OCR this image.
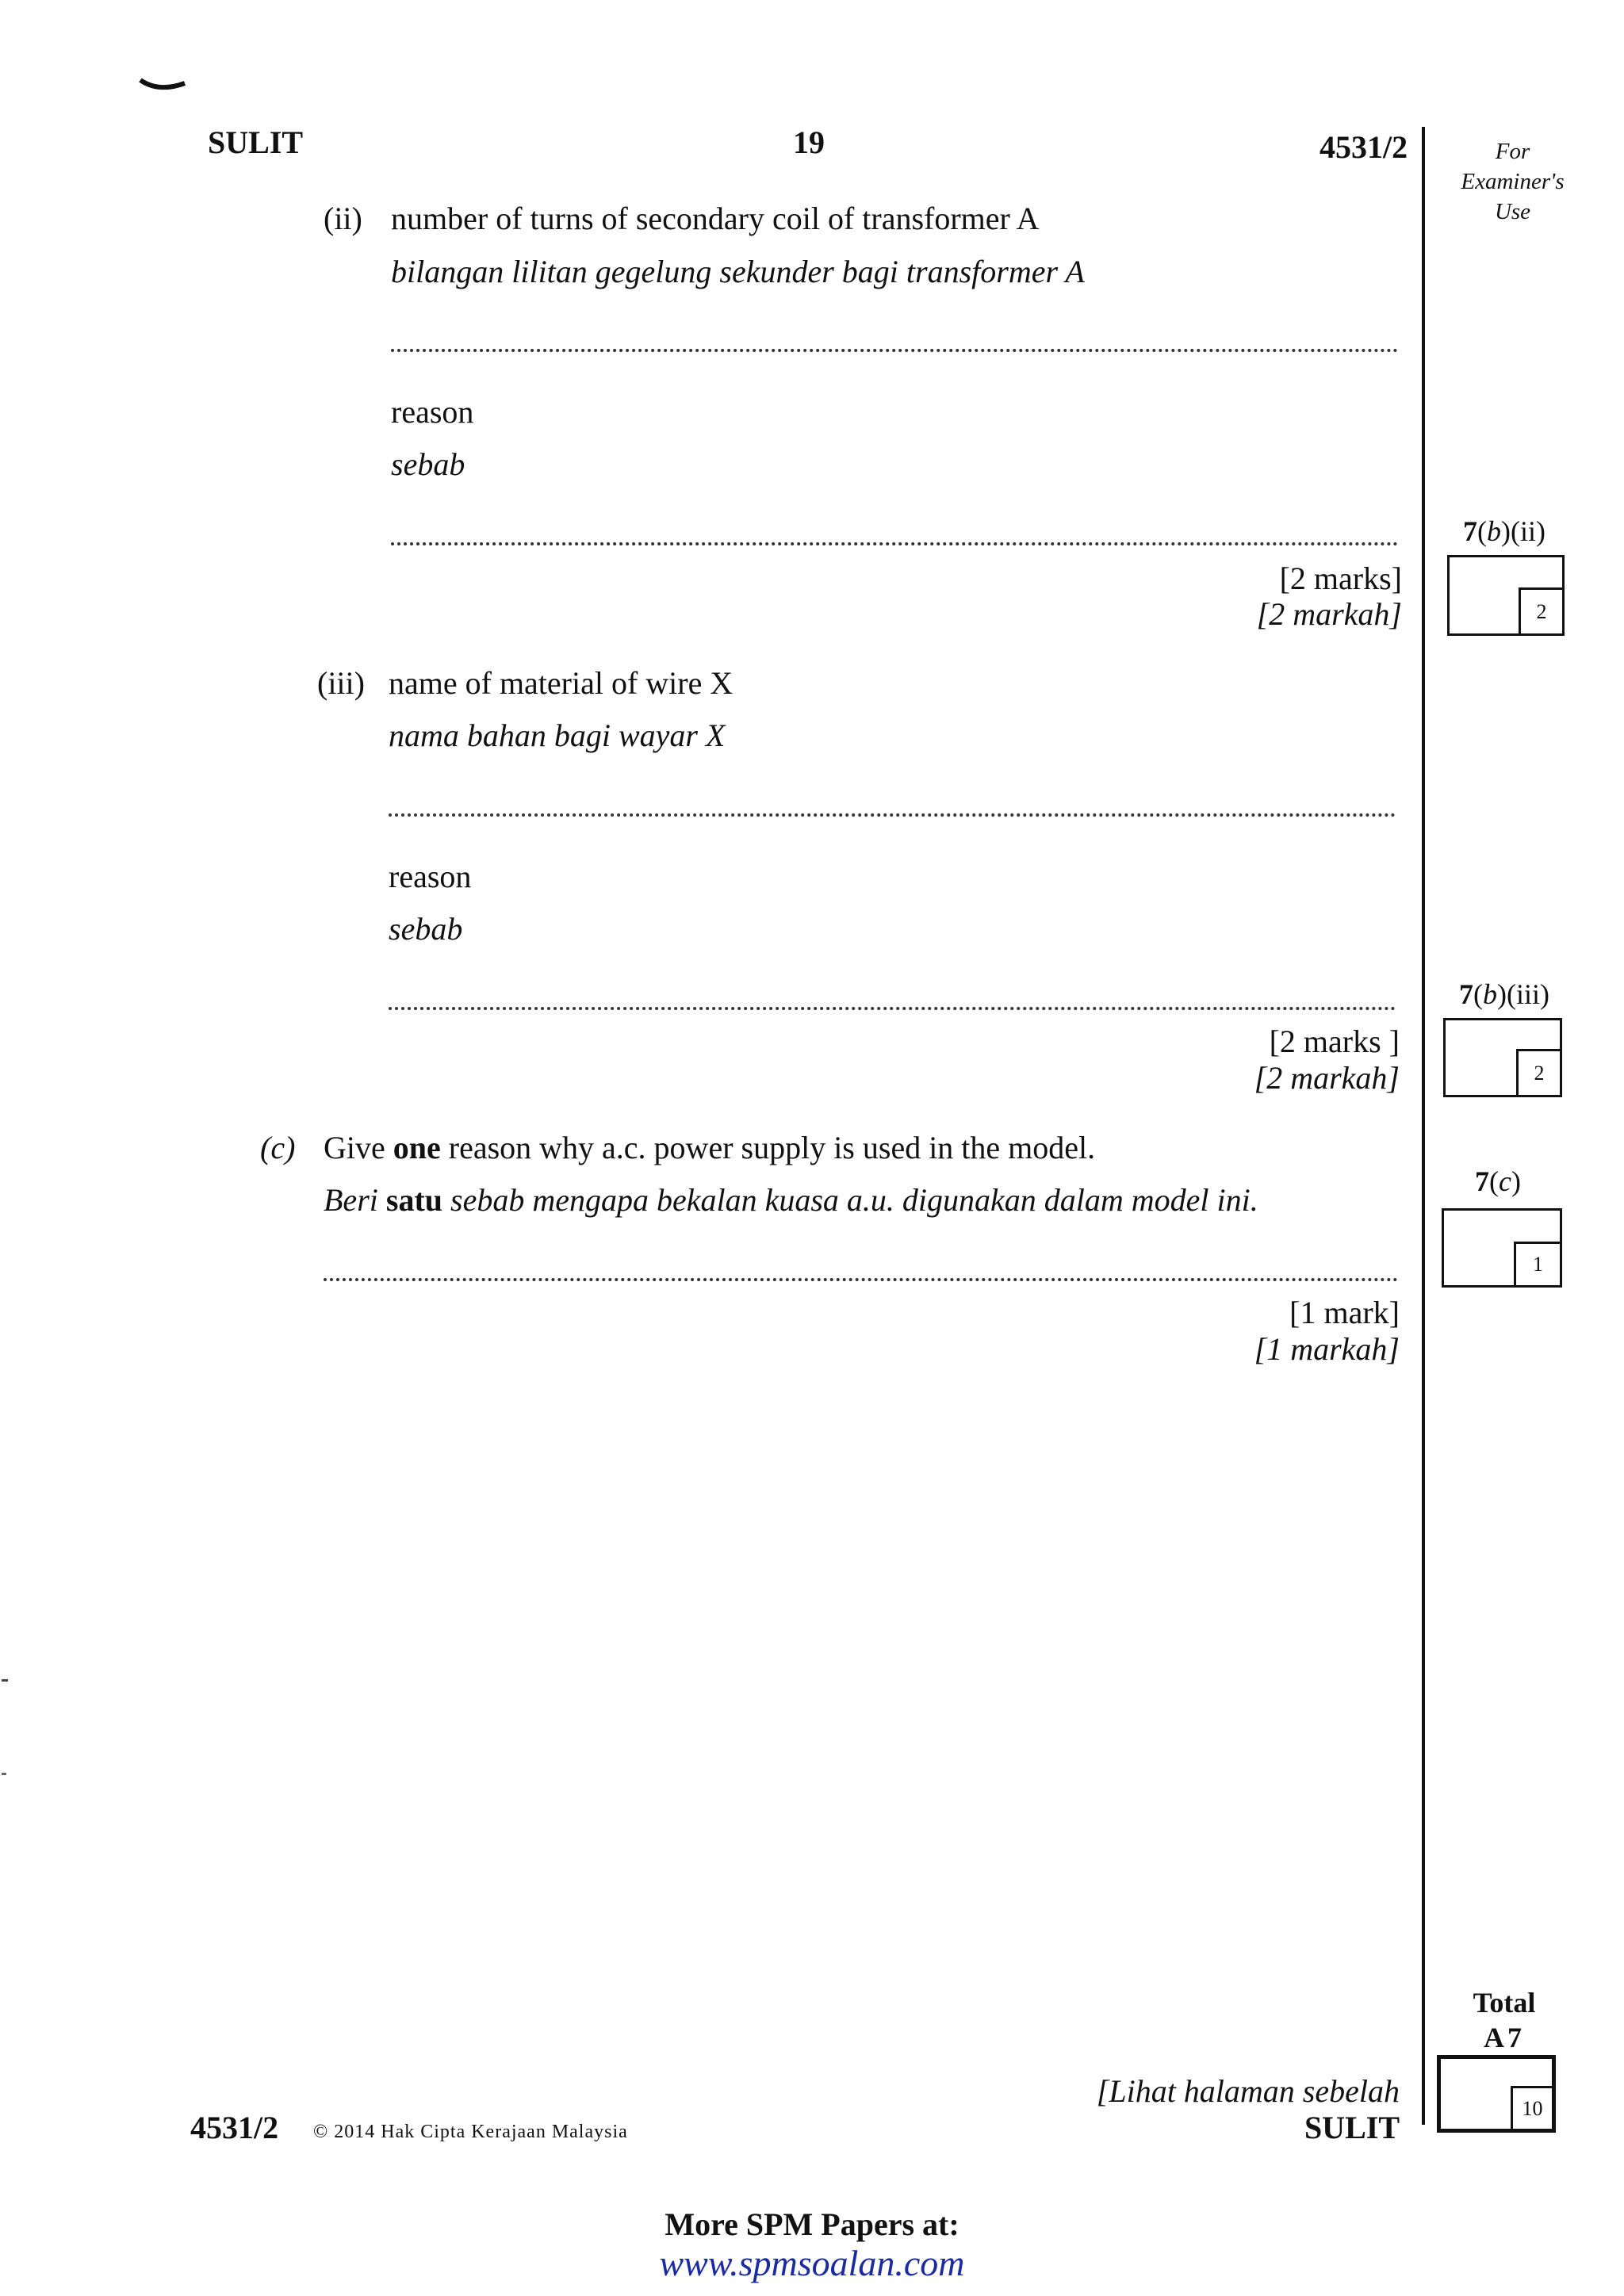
SULIT	19	4531/2	For
Examiner's
Use
(ii) number of turns of secondary coil of transformer A
bilangan lilitan gegelung sekunder bagi transformer A
reason
sebab
[2 marks]
[2 markah]
7(b)(ii)
2
(iii) name of material of wire X
nama bahan bagi wayar X
reason
sebab
[2 marks ]
[2 markah]
7(b)(iii)
2
(c) Give one reason why a.c. power supply is used in the model.
Beri satu sebab mengapa bekalan kuasa a.u. digunakan dalam model ini.
[1 mark]
[1 markah]
7(c)
1
Total
A7
10
4531/2 © 2014 Hak Cipta Kerajaan Malaysia
[Lihat halaman sebelah
SULIT
More SPM Papers at:
www.spmsoalan.com
